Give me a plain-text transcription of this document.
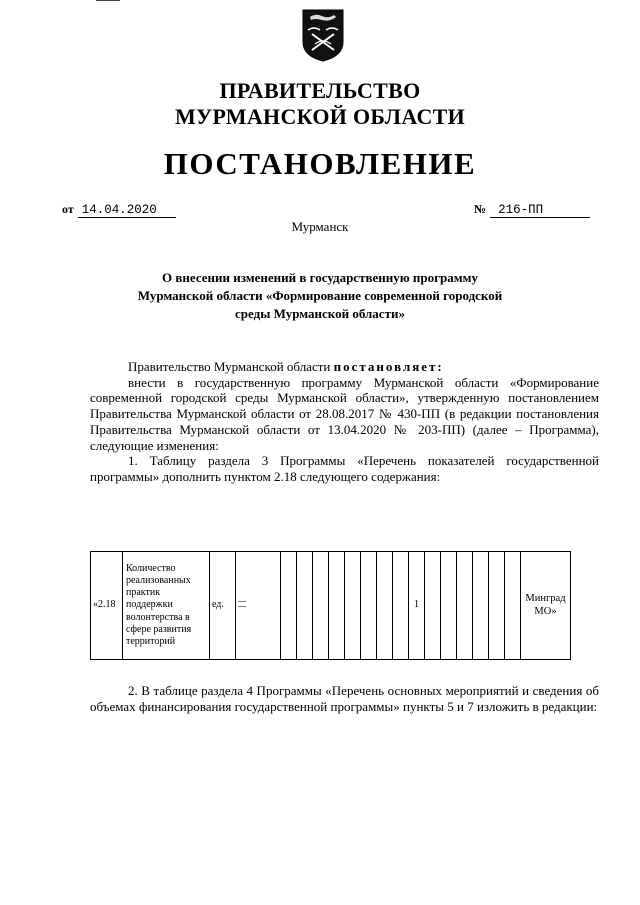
ПРАВИТЕЛЬСТВО
МУРМАНСКОЙ ОБЛАСТИ
ПОСТАНОВЛЕНИЕ
от 14.04.2020	№ 216-ПП
Мурманск
О внесении изменений в государственную программу
Мурманской области «Формирование современной городской
среды Мурманской области»
Правительство Мурманской области постановляет:
внести в государственную программу Мурманской области «Формирование современной городской среды Мурманской области», утвержденную постановлением Правительства Мурманской области от 28.08.2017 № 430-ПП (в редакции постановления Правительства Мурманской области от 13.04.2020 № 203-ПП) (далее – Программа), следующие изменения:
1. Таблицу раздела 3 Программы «Перечень показателей государственной программы» дополнить пунктом 2.18 следующего содержания:
«2.18	Количество реализованных практик поддержки волонтерства в сфере развития территорий	ед.										1							Минград МО»
2. В таблице раздела 4 Программы «Перечень основных мероприятий и сведения об объемах финансирования государственной программы» пункты 5 и 7 изложить в редакции:
